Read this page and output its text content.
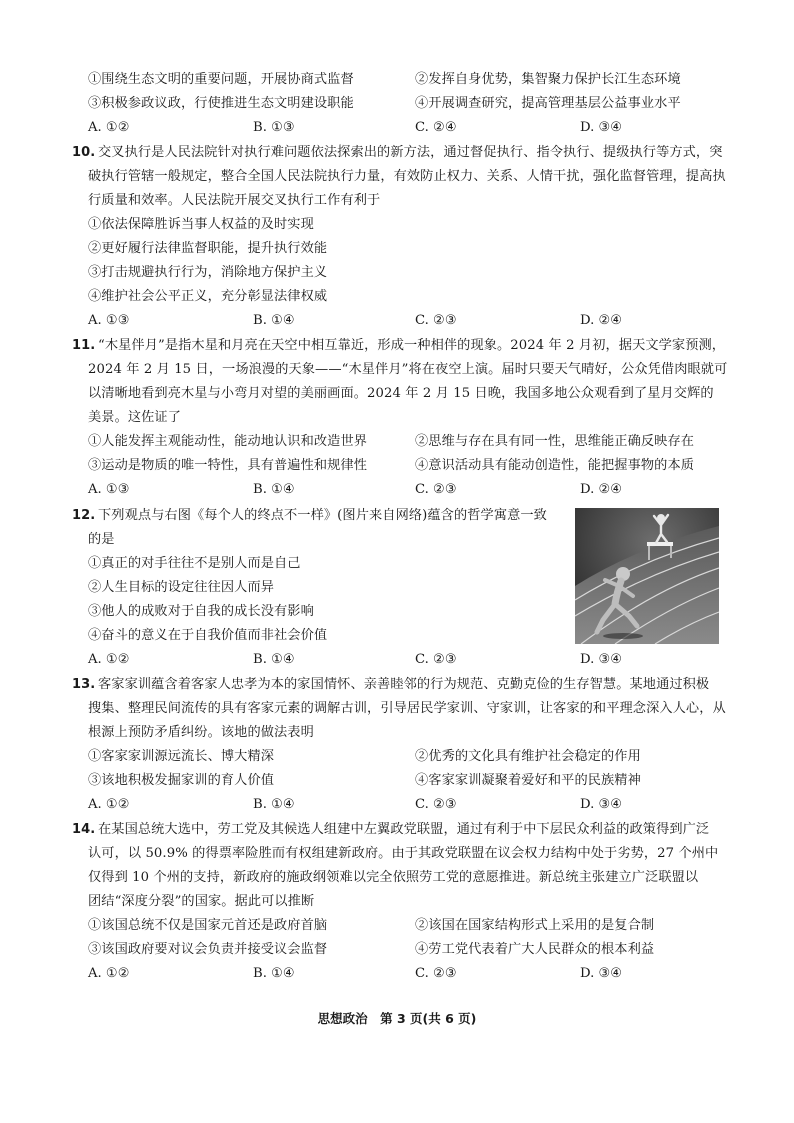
①围绕生态文明的重要问题，开展协商式监督	②发挥自身优势，集智聚力保护长江生态环境
③积极参政议政，行使推进生态文明建设职能	④开展调查研究，提高管理基层公益事业水平
A. ①②	B. ①③	C. ②④	D. ③④
10. 交叉执行是人民法院针对执行难问题依法探索出的新方法，通过督促执行、指令执行、提级执行等方式，突
破执行管辖一般规定，整合全国人民法院执行力量，有效防止权力、关系、人情干扰，强化监督管理，提高执
行质量和效率。人民法院开展交叉执行工作有利于
①依法保障胜诉当事人权益的及时实现
②更好履行法律监督职能，提升执行效能
③打击规避执行行为，消除地方保护主义
④维护社会公平正义，充分彰显法律权威
A. ①③	B. ①④	C. ②③	D. ②④
11. “木星伴月”是指木星和月亮在天空中相互靠近，形成一种相伴的现象。2024 年 2 月初，据天文学家预测，
2024 年 2 月 15 日，一场浪漫的天象——“木星伴月”将在夜空上演。届时只要天气晴好，公众凭借肉眼就可
以清晰地看到亮木星与小弯月对望的美丽画面。2024 年 2 月 15 日晚，我国多地公众观看到了星月交辉的
美景。这佐证了
①人能发挥主观能动性，能动地认识和改造世界	②思维与存在具有同一性，思维能正确反映存在
③运动是物质的唯一特性，具有普遍性和规律性	④意识活动具有能动创造性，能把握事物的本质
A. ①③	B. ①④	C. ②③	D. ②④
12. 下列观点与右图《每个人的终点不一样》(图片来自网络)蕴含的哲学寓意一致
的是
①真正的对手往往不是别人而是自己
②人生目标的设定往往因人而异
③他人的成败对于自我的成长没有影响
④奋斗的意义在于自我价值而非社会价值
A. ①②	B. ①④	C. ②③	D. ③④
13. 客家家训蕴含着客家人忠孝为本的家国情怀、亲善睦邻的行为规范、克勤克俭的生存智慧。某地通过积极
搜集、整理民间流传的具有客家元素的调解古训，引导居民学家训、守家训，让客家的和平理念深入人心，从
根源上预防矛盾纠纷。该地的做法表明
①客家家训源远流长、博大精深	②优秀的文化具有维护社会稳定的作用
③该地积极发掘家训的育人价值	④客家家训凝聚着爱好和平的民族精神
A. ①②	B. ①④	C. ②③	D. ③④
14. 在某国总统大选中，劳工党及其候选人组建中左翼政党联盟，通过有利于中下层民众利益的政策得到广泛
认可，以 50.9% 的得票率险胜而有权组建新政府。由于其政党联盟在议会权力结构中处于劣势，27 个州中
仅得到 10 个州的支持，新政府的施政纲领难以完全依照劳工党的意愿推进。新总统主张建立广泛联盟以
团结“深度分裂”的国家。据此可以推断
①该国总统不仅是国家元首还是政府首脑	②该国在国家结构形式上采用的是复合制
③该国政府要对议会负责并接受议会监督	④劳工党代表着广大人民群众的根本利益
A. ①②	B. ①④	C. ②③	D. ③④
思想政治　第 3 页(共 6 页)
